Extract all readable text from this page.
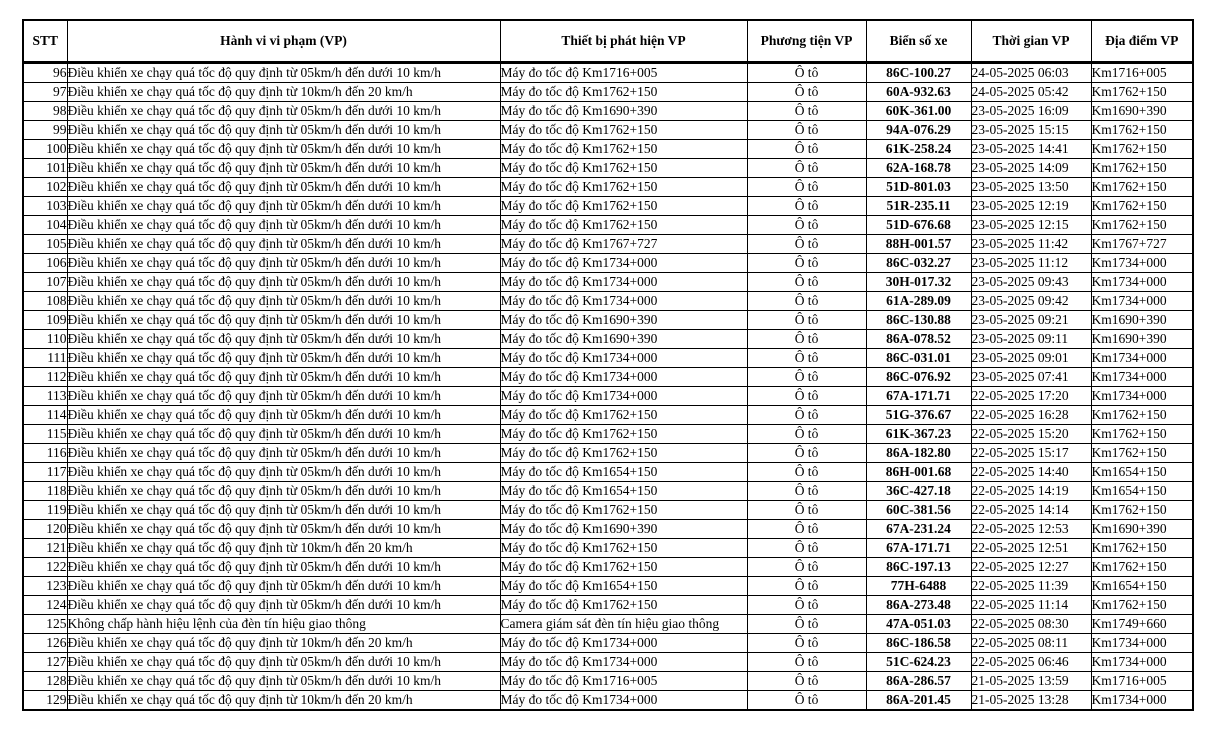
STT	Hành vi vi phạm (VP)	Thiết bị phát hiện VP	Phương tiện VP	Biển số xe	Thời gian VP	Địa điểm VP
96	Điều khiển xe chạy quá tốc độ quy định từ 05km/h đến dưới 10 km/h	Máy đo tốc độ Km1716+005	Ô tô	86C-100.27	24-05-2025 06:03	Km1716+005
97	Điều khiển xe chạy quá tốc độ quy định từ 10km/h đến 20 km/h	Máy đo tốc độ Km1762+150	Ô tô	60A-932.63	24-05-2025 05:42	Km1762+150
98	Điều khiển xe chạy quá tốc độ quy định từ 05km/h đến dưới 10 km/h	Máy đo tốc độ Km1690+390	Ô tô	60K-361.00	23-05-2025 16:09	Km1690+390
99	Điều khiển xe chạy quá tốc độ quy định từ 05km/h đến dưới 10 km/h	Máy đo tốc độ Km1762+150	Ô tô	94A-076.29	23-05-2025 15:15	Km1762+150
100	Điều khiển xe chạy quá tốc độ quy định từ 05km/h đến dưới 10 km/h	Máy đo tốc độ Km1762+150	Ô tô	61K-258.24	23-05-2025 14:41	Km1762+150
101	Điều khiển xe chạy quá tốc độ quy định từ 05km/h đến dưới 10 km/h	Máy đo tốc độ Km1762+150	Ô tô	62A-168.78	23-05-2025 14:09	Km1762+150
102	Điều khiển xe chạy quá tốc độ quy định từ 05km/h đến dưới 10 km/h	Máy đo tốc độ Km1762+150	Ô tô	51D-801.03	23-05-2025 13:50	Km1762+150
103	Điều khiển xe chạy quá tốc độ quy định từ 05km/h đến dưới 10 km/h	Máy đo tốc độ Km1762+150	Ô tô	51R-235.11	23-05-2025 12:19	Km1762+150
104	Điều khiển xe chạy quá tốc độ quy định từ 05km/h đến dưới 10 km/h	Máy đo tốc độ Km1762+150	Ô tô	51D-676.68	23-05-2025 12:15	Km1762+150
105	Điều khiển xe chạy quá tốc độ quy định từ 05km/h đến dưới 10 km/h	Máy đo tốc độ Km1767+727	Ô tô	88H-001.57	23-05-2025 11:42	Km1767+727
106	Điều khiển xe chạy quá tốc độ quy định từ 05km/h đến dưới 10 km/h	Máy đo tốc độ Km1734+000	Ô tô	86C-032.27	23-05-2025 11:12	Km1734+000
107	Điều khiển xe chạy quá tốc độ quy định từ 05km/h đến dưới 10 km/h	Máy đo tốc độ Km1734+000	Ô tô	30H-017.32	23-05-2025 09:43	Km1734+000
108	Điều khiển xe chạy quá tốc độ quy định từ 05km/h đến dưới 10 km/h	Máy đo tốc độ Km1734+000	Ô tô	61A-289.09	23-05-2025 09:42	Km1734+000
109	Điều khiển xe chạy quá tốc độ quy định từ 05km/h đến dưới 10 km/h	Máy đo tốc độ Km1690+390	Ô tô	86C-130.88	23-05-2025 09:21	Km1690+390
110	Điều khiển xe chạy quá tốc độ quy định từ 05km/h đến dưới 10 km/h	Máy đo tốc độ Km1690+390	Ô tô	86A-078.52	23-05-2025 09:11	Km1690+390
111	Điều khiển xe chạy quá tốc độ quy định từ 05km/h đến dưới 10 km/h	Máy đo tốc độ Km1734+000	Ô tô	86C-031.01	23-05-2025 09:01	Km1734+000
112	Điều khiển xe chạy quá tốc độ quy định từ 05km/h đến dưới 10 km/h	Máy đo tốc độ Km1734+000	Ô tô	86C-076.92	23-05-2025 07:41	Km1734+000
113	Điều khiển xe chạy quá tốc độ quy định từ 05km/h đến dưới 10 km/h	Máy đo tốc độ Km1734+000	Ô tô	67A-171.71	22-05-2025 17:20	Km1734+000
114	Điều khiển xe chạy quá tốc độ quy định từ 05km/h đến dưới 10 km/h	Máy đo tốc độ Km1762+150	Ô tô	51G-376.67	22-05-2025 16:28	Km1762+150
115	Điều khiển xe chạy quá tốc độ quy định từ 05km/h đến dưới 10 km/h	Máy đo tốc độ Km1762+150	Ô tô	61K-367.23	22-05-2025 15:20	Km1762+150
116	Điều khiển xe chạy quá tốc độ quy định từ 05km/h đến dưới 10 km/h	Máy đo tốc độ Km1762+150	Ô tô	86A-182.80	22-05-2025 15:17	Km1762+150
117	Điều khiển xe chạy quá tốc độ quy định từ 05km/h đến dưới 10 km/h	Máy đo tốc độ Km1654+150	Ô tô	86H-001.68	22-05-2025 14:40	Km1654+150
118	Điều khiển xe chạy quá tốc độ quy định từ 05km/h đến dưới 10 km/h	Máy đo tốc độ Km1654+150	Ô tô	36C-427.18	22-05-2025 14:19	Km1654+150
119	Điều khiển xe chạy quá tốc độ quy định từ 05km/h đến dưới 10 km/h	Máy đo tốc độ Km1762+150	Ô tô	60C-381.56	22-05-2025 14:14	Km1762+150
120	Điều khiển xe chạy quá tốc độ quy định từ 05km/h đến dưới 10 km/h	Máy đo tốc độ Km1690+390	Ô tô	67A-231.24	22-05-2025 12:53	Km1690+390
121	Điều khiển xe chạy quá tốc độ quy định từ 10km/h đến 20 km/h	Máy đo tốc độ Km1762+150	Ô tô	67A-171.71	22-05-2025 12:51	Km1762+150
122	Điều khiển xe chạy quá tốc độ quy định từ 05km/h đến dưới 10 km/h	Máy đo tốc độ Km1762+150	Ô tô	86C-197.13	22-05-2025 12:27	Km1762+150
123	Điều khiển xe chạy quá tốc độ quy định từ 05km/h đến dưới 10 km/h	Máy đo tốc độ Km1654+150	Ô tô	77H-6488	22-05-2025 11:39	Km1654+150
124	Điều khiển xe chạy quá tốc độ quy định từ 05km/h đến dưới 10 km/h	Máy đo tốc độ Km1762+150	Ô tô	86A-273.48	22-05-2025 11:14	Km1762+150
125	Không chấp hành hiệu lệnh của đèn tín hiệu giao thông	Camera giám sát đèn tín hiệu giao thông	Ô tô	47A-051.03	22-05-2025 08:30	Km1749+660
126	Điều khiển xe chạy quá tốc độ quy định từ 10km/h đến 20 km/h	Máy đo tốc độ Km1734+000	Ô tô	86C-186.58	22-05-2025 08:11	Km1734+000
127	Điều khiển xe chạy quá tốc độ quy định từ 05km/h đến dưới 10 km/h	Máy đo tốc độ Km1734+000	Ô tô	51C-624.23	22-05-2025 06:46	Km1734+000
128	Điều khiển xe chạy quá tốc độ quy định từ 05km/h đến dưới 10 km/h	Máy đo tốc độ Km1716+005	Ô tô	86A-286.57	21-05-2025 13:59	Km1716+005
129	Điều khiển xe chạy quá tốc độ quy định từ 10km/h đến 20 km/h	Máy đo tốc độ Km1734+000	Ô tô	86A-201.45	21-05-2025 13:28	Km1734+000
